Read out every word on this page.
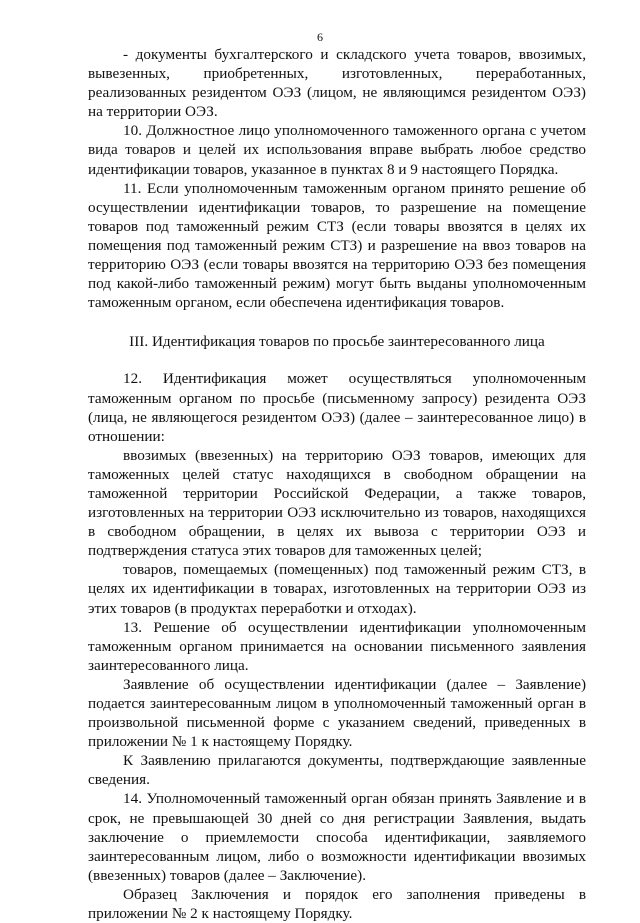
6

- документы бухгалтерского и складского учета товаров, ввозимых, вывезенных, приобретенных, изготовленных, переработанных, реализованных резидентом ОЭЗ (лицом, не являющимся резидентом ОЭЗ) на территории ОЭЗ.

10. Должностное лицо уполномоченного таможенного органа с учетом вида товаров и целей их использования вправе выбрать любое средство идентификации товаров, указанное в пунктах 8 и 9 настоящего Порядка.

11. Если уполномоченным таможенным органом принято решение об осуществлении идентификации товаров, то разрешение на помещение товаров под таможенный режим СТЗ (если товары ввозятся в целях их помещения под таможенный режим СТЗ) и разрешение на ввоз товаров на территорию ОЭЗ (если товары ввозятся на территорию ОЭЗ без помещения под какой-либо таможенный режим) могут быть выданы уполномоченным таможенным органом, если обеспечена идентификация товаров.

III. Идентификация товаров по просьбе заинтересованного лица

12. Идентификация может осуществляться уполномоченным таможенным органом по просьбе (письменному запросу) резидента ОЭЗ (лица, не являющегося резидентом ОЭЗ) (далее – заинтересованное лицо) в отношении:

ввозимых (ввезенных) на территорию ОЭЗ товаров, имеющих для таможенных целей статус находящихся в свободном обращении на таможенной территории Российской Федерации, а также товаров, изготовленных на территории ОЭЗ исключительно из товаров, находящихся в свободном обращении, в целях их вывоза с территории ОЭЗ и подтверждения статуса этих товаров для таможенных целей;

товаров, помещаемых (помещенных) под таможенный режим СТЗ, в целях их идентификации в товарах, изготовленных на территории ОЭЗ из этих товаров (в продуктах переработки и отходах).

13. Решение об осуществлении идентификации уполномоченным таможенным органом принимается на основании письменного заявления заинтересованного лица.

Заявление об осуществлении идентификации (далее – Заявление) подается заинтересованным лицом в уполномоченный таможенный орган в произвольной письменной форме с указанием сведений, приведенных в приложении № 1 к настоящему Порядку.

К Заявлению прилагаются документы, подтверждающие заявленные сведения.

14. Уполномоченный таможенный орган обязан принять Заявление и в срок, не превышающей 30 дней со дня регистрации Заявления, выдать заключение о приемлемости способа идентификации, заявляемого заинтересованным лицом, либо о возможности идентификации ввозимых (ввезенных) товаров (далее – Заключение).

Образец Заключения и порядок его заполнения приведены в приложении № 2 к настоящему Порядку.
